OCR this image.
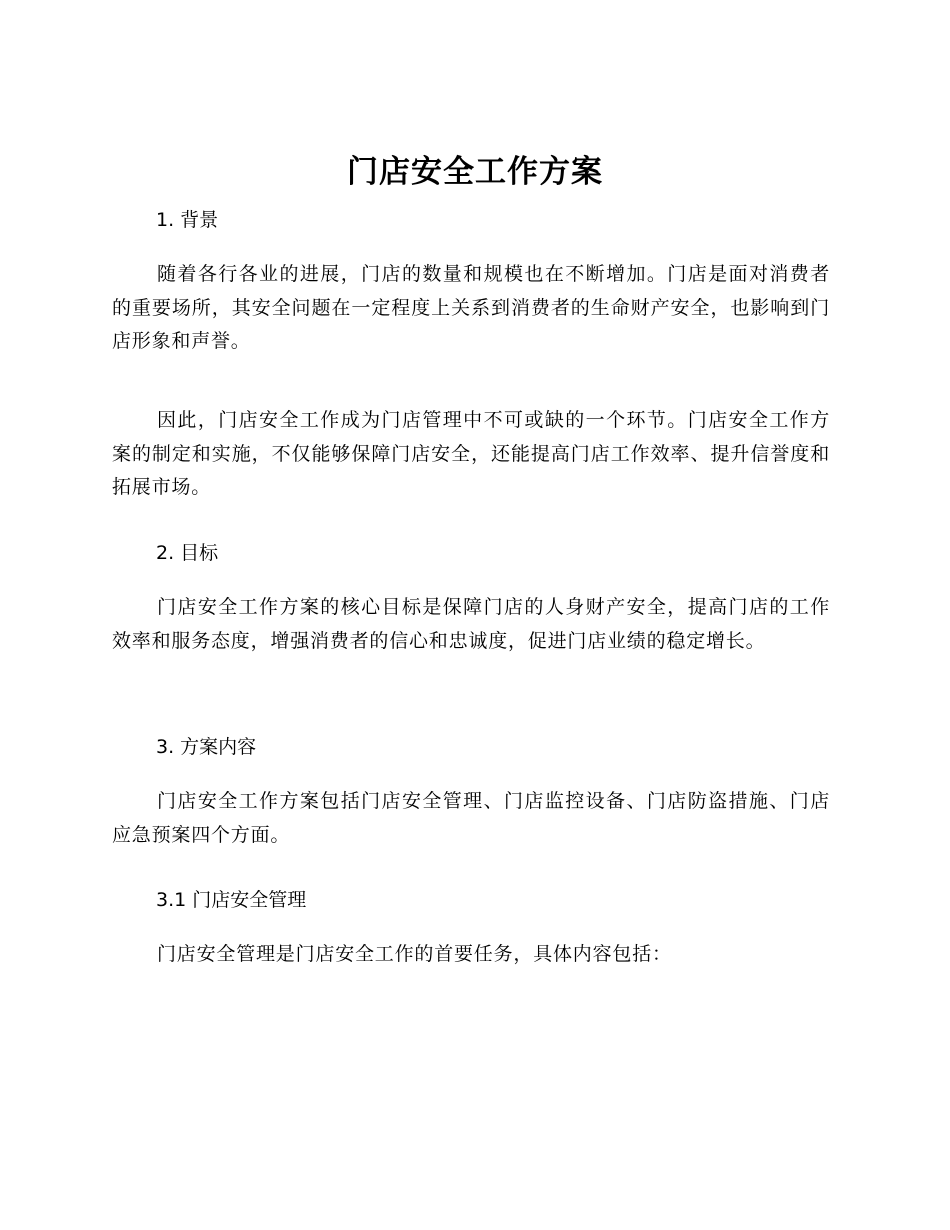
门店安全工作方案
1. 背景

随着各行各业的进展，门店的数量和规模也在不断增加。门店是面对消费者的重要场所，其安全问题在一定程度上关系到消费者的生命财产安全，也影响到门店形象和声誉。

因此，门店安全工作成为门店管理中不可或缺的一个环节。门店安全工作方案的制定和实施，不仅能够保障门店安全，还能提高门店工作效率、提升信誉度和拓展市场。

2. 目标

门店安全工作方案的核心目标是保障门店的人身财产安全，提高门店的工作效率和服务态度，增强消费者的信心和忠诚度，促进门店业绩的稳定增长。

3. 方案内容

门店安全工作方案包括门店安全管理、门店监控设备、门店防盗措施、门店应急预案四个方面。

3.1 门店安全管理

门店安全管理是门店安全工作的首要任务，具体内容包括：
